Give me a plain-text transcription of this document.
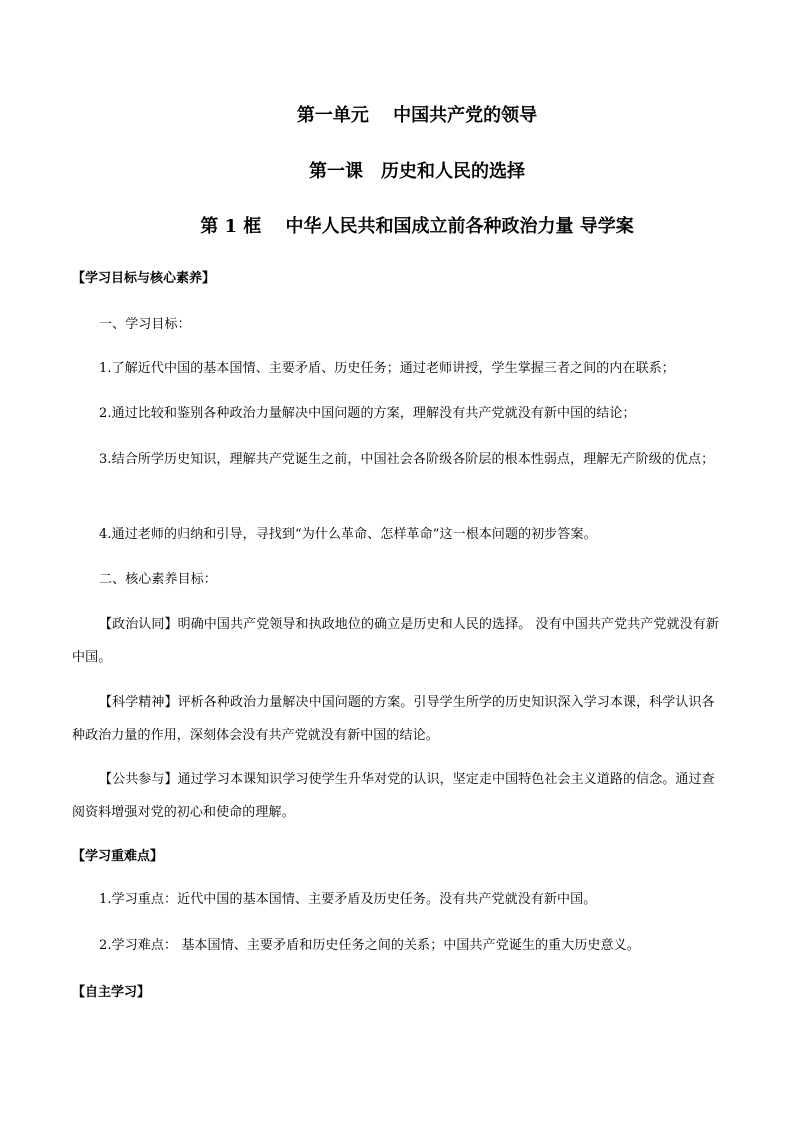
第一单元　 中国共产党的领导
第一课　历史和人民的选择
第 1 框　 中华人民共和国成立前各种政治力量 导学案
【学习目标与核心素养】
一、学习目标：
1.了解近代中国的基本国情、主要矛盾、历史任务；通过老师讲授，学生掌握三者之间的内在联系；
2.通过比较和鉴别各种政治力量解决中国问题的方案，理解没有共产党就没有新中国的结论；
3.结合所学历史知识，理解共产党诞生之前，中国社会各阶级各阶层的根本性弱点，理解无产阶级的优点；
4.通过老师的归纳和引导，寻找到“为什么革命、怎样革命”这一根本问题的初步答案。
二、核心素养目标：
【政治认同】明确中国共产党领导和执政地位的确立是历史和人民的选择。 没有中国共产党共产党就没有新中国。
【科学精神】评析各种政治力量解决中国问题的方案。引导学生所学的历史知识深入学习本课，科学认识各种政治力量的作用，深刻体会没有共产党就没有新中国的结论。
【公共参与】通过学习本课知识学习使学生升华对党的认识，坚定走中国特色社会主义道路的信念。通过查阅资料增强对党的初心和使命的理解。
【学习重难点】
1.学习重点：近代中国的基本国情、主要矛盾及历史任务。没有共产党就没有新中国。
2.学习难点： 基本国情、主要矛盾和历史任务之间的关系；中国共产党诞生的重大历史意义。
【自主学习】
